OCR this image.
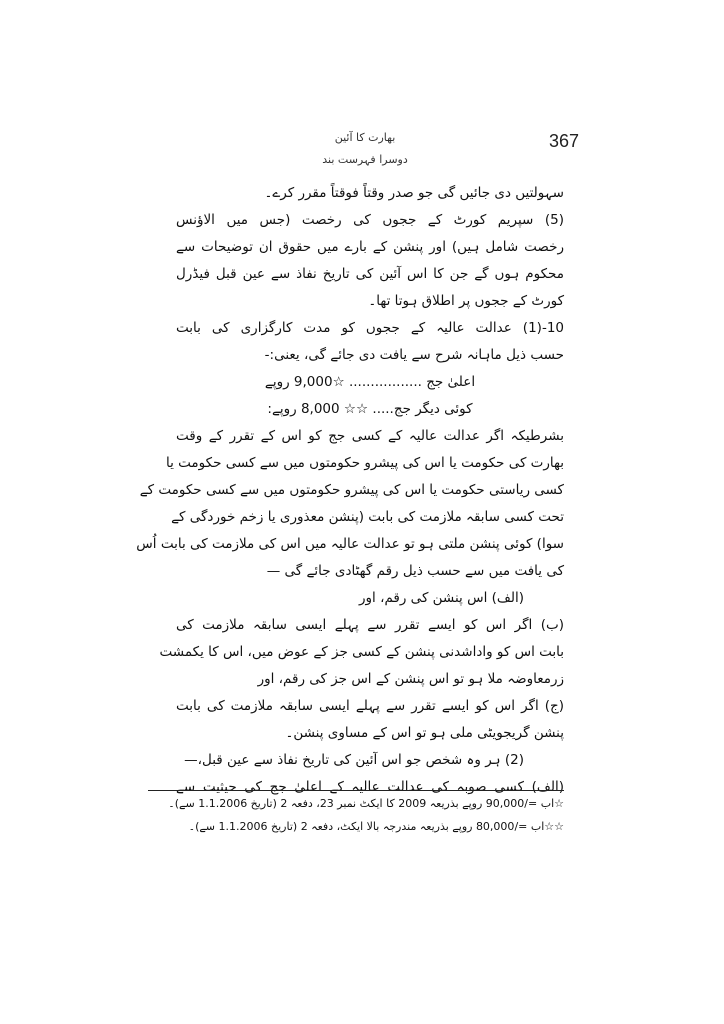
367
بھارت کا آئین
دوسرا فہرست بند
سہولتیں دی جائیں گی جو صدر وقتاً فوقتاً مقرر کرے۔
(5) سپریم کورٹ کے ججوں کی رخصت (جس میں الاؤنس
رخصت شامل ہیں) اور پنشن کے بارے میں حقوق ان توضیحات سے
محکوم ہوں گے جن کا اس آئین کی تاریخ نفاذ سے عین قبل فیڈرل
کورٹ کے ججوں پر اطلاق ہوتا تھا۔
10-(1) عدالت عالیہ کے ججوں کو مدت کارگزاری کی بابت
حسب ذیل ماہانہ شرح سے یافت دی جائے گی، یعنی:-
اعلیٰ جج ................. ☆9,000 روپے
کوئی دیگر جج..... ☆☆ 8,000 روپے:
بشرطیکہ اگر عدالت عالیہ کے کسی جج کو اس کے تقرر کے وقت
بھارت کی حکومت یا اس کی پیشرو حکومتوں میں سے کسی حکومت یا
کسی ریاستی حکومت یا اس کی پیشرو حکومتوں میں سے کسی حکومت کے
تحت کسی سابقہ ملازمت کی بابت (پنشن معذوری یا زخم خوردگی کے
سوا) کوئی پنشن ملتی ہو تو عدالت عالیہ میں اس کی ملازمت کی بابت اُس
کی یافت میں سے حسب ذیل رقم گھٹادی جائے گی —
(الف) اس پنشن کی رقم، اور
(ب) اگر اس کو ایسے تقرر سے پہلے ایسی سابقہ ملازمت کی
بابت اس کو واداشدنی پنشن کے کسی جز کے عوض میں، اس کا یکمشت
زرمعاوضہ ملا ہو تو اس پنشن کے اس جز کی رقم، اور
(ج) اگر اس کو ایسے تقرر سے پہلے ایسی سابقہ ملازمت کی بابت
پنشن گریجویٹی ملی ہو تو اس کے مساوی پنشن۔
(2) ہر وہ شخص جو اس آئین کی تاریخ نفاذ سے عین قبل،—
(الف) کسی صوبہ کی عدالت عالیہ کے اعلیٰ جج کی حیثیت سے
☆اب =/90,000 روپے بذریعہ 2009 کا ایکٹ نمبر 23، دفعہ 2 (تاریخ 1.1.2006 سے)۔
☆☆اب =/80,000 روپے بذریعہ مندرجہ بالا ایکٹ، دفعہ 2 (تاریخ 1.1.2006 سے)۔
